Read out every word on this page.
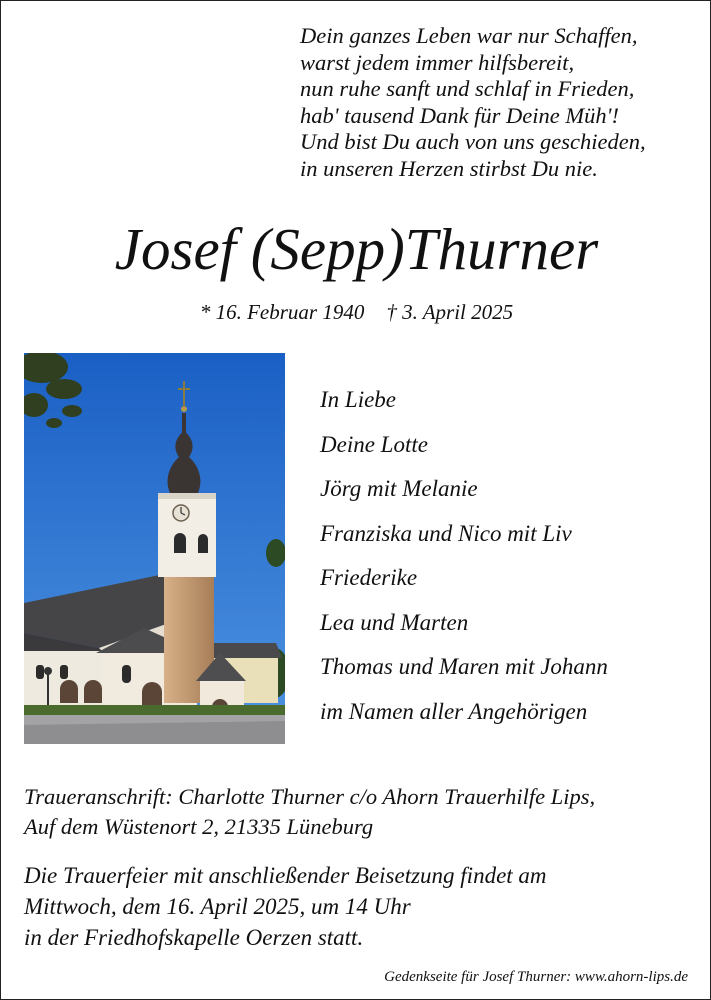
Dein ganzes Leben war nur Schaffen,
warst jedem immer hilfsbereit,
nun ruhe sanft und schlaf in Frieden,
hab' tausend Dank für Deine Müh'!
Und bist Du auch von uns geschieden,
in unseren Herzen stirbst Du nie.
Josef (Sepp)Thurner
* 16. Februar 1940 † 3. April 2025
In Liebe
Deine Lotte
Jörg mit Melanie
Franziska und Nico mit Liv
Friederike
Lea und Marten
Thomas und Maren mit Johann
im Namen aller Angehörigen
Traueranschrift: Charlotte Thurner c/o Ahorn Trauerhilfe Lips,
Auf dem Wüstenort 2, 21335 Lüneburg
Die Trauerfeier mit anschließender Beisetzung findet am
Mittwoch, dem 16. April 2025, um 14 Uhr
in der Friedhofskapelle Oerzen statt.
Gedenkseite für Josef Thurner: www.ahorn-lips.de
